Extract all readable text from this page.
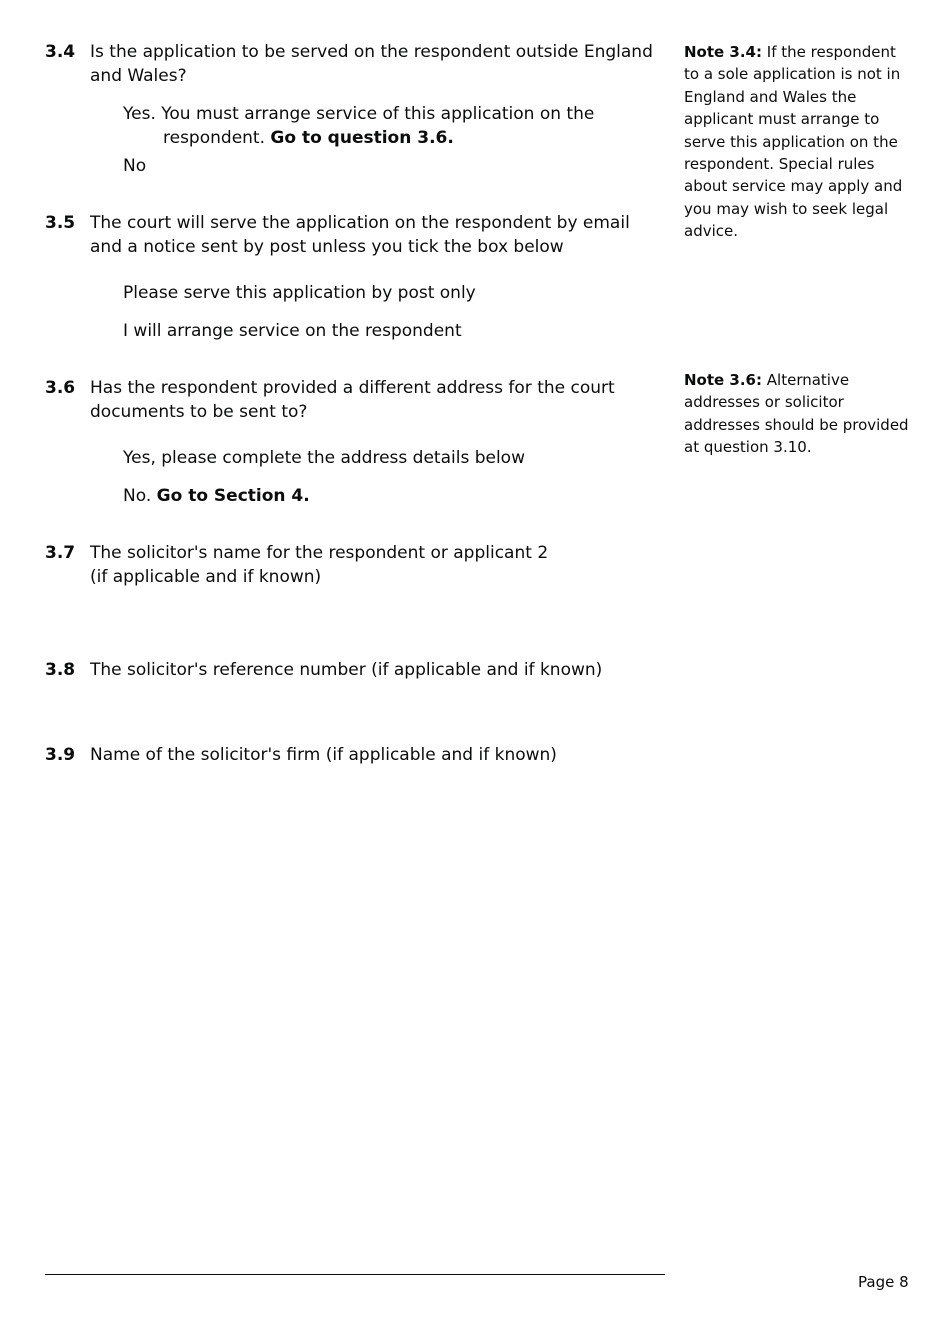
3.4 Is the application to be served on the respondent outside England and Wales?
Yes. You must arrange service of this application on the
respondent. Go to question 3.6.
No
3.5 The court will serve the application on the respondent by email and a notice sent by post unless you tick the box below
Please serve this application by post only
I will arrange service on the respondent
3.6 Has the respondent provided a different address for the court documents to be sent to?
Yes, please complete the address details below
No. Go to Section 4.
3.7 The solicitor's name for the respondent or applicant 2
(if applicable and if known)
3.8 The solicitor's reference number (if applicable and if known)
3.9 Name of the solicitor's firm (if applicable and if known)
Note 3.4: If the respondent to a sole application is not in England and Wales the applicant must arrange to serve this application on the respondent. Special rules about service may apply and you may wish to seek legal advice.
Note 3.6: Alternative addresses or solicitor addresses should be provided at question 3.10.
Page 8
